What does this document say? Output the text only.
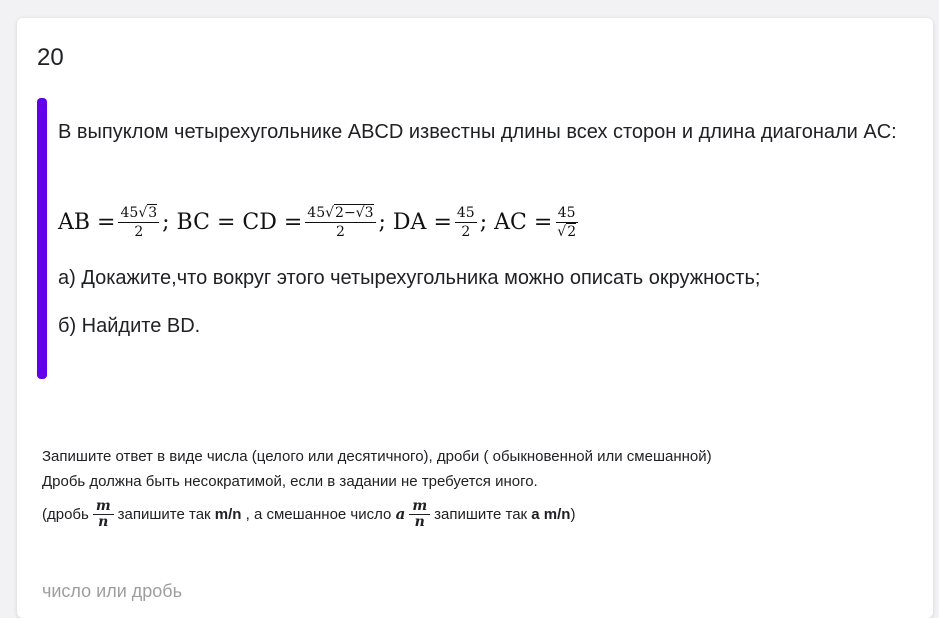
20
В выпуклом четырехугольнике ABCD известны длины всех сторон и длина диагонали AC:
AB = $\frac{45√3}{2}$ ; BC = CD = $\frac{45√2-√3}{2}$ ; DA = $\frac{45}{2}$ ; AC = $\frac{45}{√2}$
а) Докажите,что вокруг этого четырехугольника можно описать окружность;
б) Найдите BD.
Запишите ответ в виде числа (целого или десятичного), дроби ( обыкновенной или смешанной)
Дробь должна быть несократимой, если в задании не требуется иного.
(дробь $\frac{m}{n}$ запишите так
m/n
, а смешанное число
a $\frac{m}{n}$ запишите так
a m/n )
число или дробь
